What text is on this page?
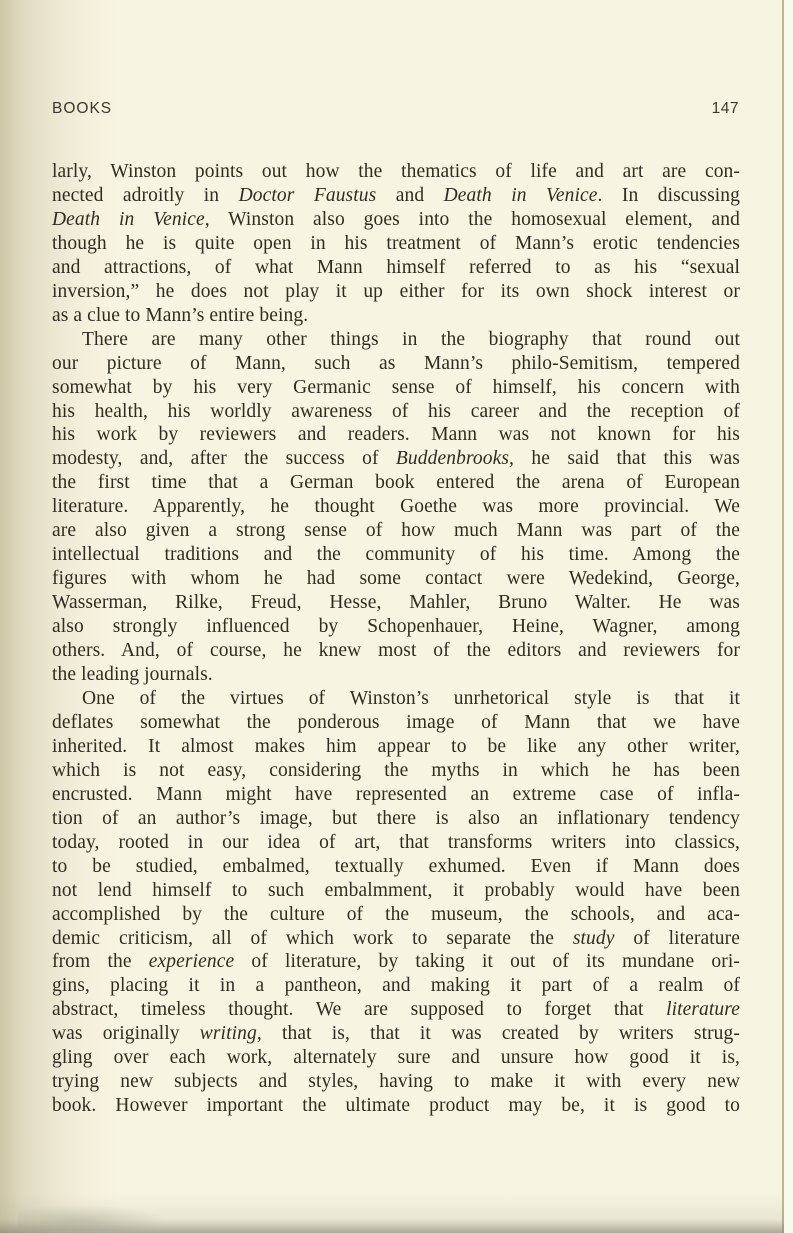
BOOKS	147
larly, Winston points out how the thematics of life and art are con-
nected adroitly in Doctor Faustus and Death in Venice. In discussing
Death in Venice, Winston also goes into the homosexual element, and
though he is quite open in his treatment of Mann’s erotic tendencies
and attractions, of what Mann himself referred to as his “sexual
inversion,” he does not play it up either for its own shock interest or
as a clue to Mann’s entire being.
There are many other things in the biography that round out
our picture of Mann, such as Mann’s philo-Semitism, tempered
somewhat by his very Germanic sense of himself, his concern with
his health, his worldly awareness of his career and the reception of
his work by reviewers and readers. Mann was not known for his
modesty, and, after the success of Buddenbrooks, he said that this was
the first time that a German book entered the arena of European
literature. Apparently, he thought Goethe was more provincial. We
are also given a strong sense of how much Mann was part of the
intellectual traditions and the community of his time. Among the
figures with whom he had some contact were Wedekind, George,
Wasserman, Rilke, Freud, Hesse, Mahler, Bruno Walter. He was
also strongly influenced by Schopenhauer, Heine, Wagner, among
others. And, of course, he knew most of the editors and reviewers for
the leading journals.
One of the virtues of Winston’s unrhetorical style is that it
deflates somewhat the ponderous image of Mann that we have
inherited. It almost makes him appear to be like any other writer,
which is not easy, considering the myths in which he has been
encrusted. Mann might have represented an extreme case of infla-
tion of an author’s image, but there is also an inflationary tendency
today, rooted in our idea of art, that transforms writers into classics,
to be studied, embalmed, textually exhumed. Even if Mann does
not lend himself to such embalmment, it probably would have been
accomplished by the culture of the museum, the schools, and aca-
demic criticism, all of which work to separate the study of literature
from the experience of literature, by taking it out of its mundane ori-
gins, placing it in a pantheon, and making it part of a realm of
abstract, timeless thought. We are supposed to forget that literature
was originally writing, that is, that it was created by writers strug-
gling over each work, alternately sure and unsure how good it is,
trying new subjects and styles, having to make it with every new
book. However important the ultimate product may be, it is good to
